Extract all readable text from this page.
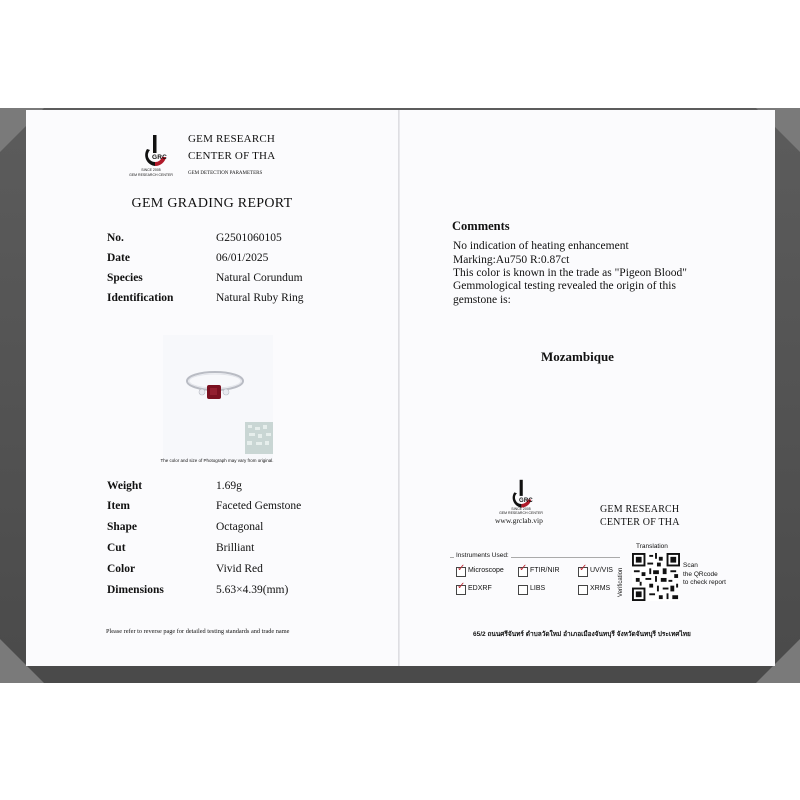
GRC
SINCE 2005
GEM RESEARCH CENTER
GEM RESEARCH
CENTER OF THA
GEM DETECTION PARAMETERS
GEM GRADING REPORT
No.	G2501060105
Date	06/01/2025
Species	Natural Corundum
Identification	Natural Ruby Ring
The color and size of Photograph may vary from original.
Weight	1.69g
Item	Faceted Gemstone
Shape	Octagonal
Cut	Brilliant
Color	Vivid Red
Dimensions	5.63×4.39(mm)
Please refer to reverse page for detailed testing standards and trade name
Comments
No indication of heating enhancement
Marking:Au750 R:0.87ct
This color is known in the trade as "Pigeon Blood"
Gemmological testing revealed the origin of this
gemstone is:
Mozambique
GRC
SINCE 2005
GEM RESEARCH CENTER
www.grclab.vip
GEM RESEARCH
CENTER OF THA
Instruments Used:
✓ Microscope ✓ FTIR/NIR ✓ UV/VIS
✓ EDXRF	LIBS	XRMS
Translation
Verification
Scan
the QRcode
to check report
65/2 ถนนศรีจันทร์ ตำบลวัดใหม่ อำเภอเมืองจันทบุรี จังหวัดจันทบุรี ประเทศไทย
